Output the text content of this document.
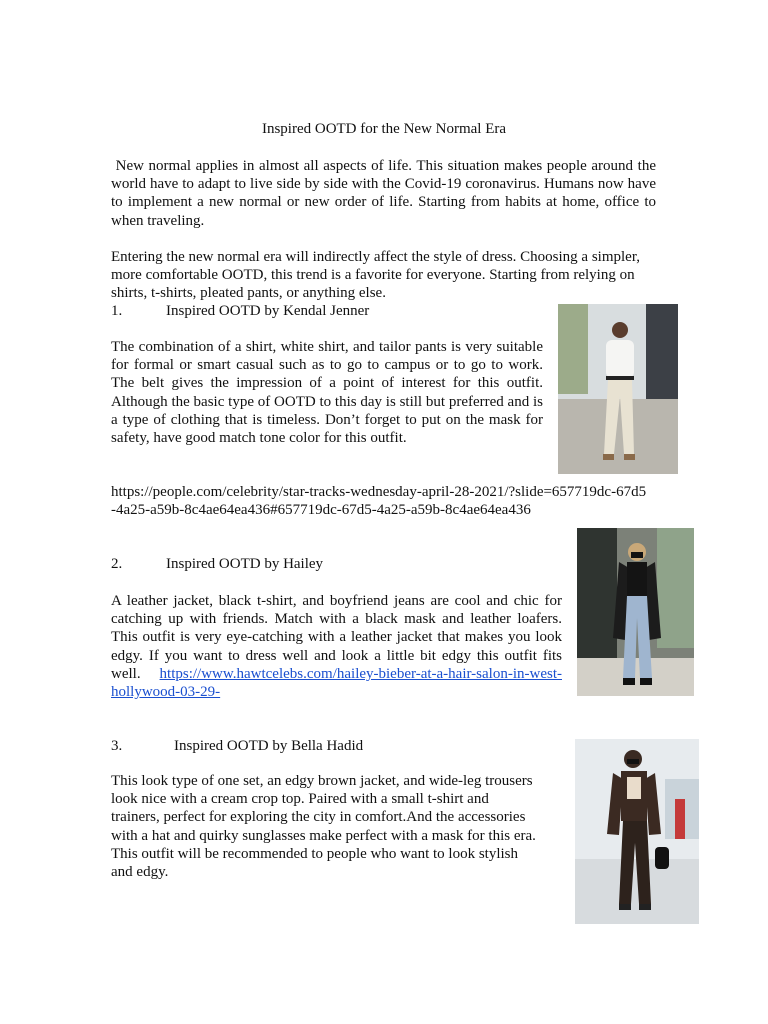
Inspired OOTD for the New Normal Era
New normal applies in almost all aspects of life. This situation makes people around the world have to adapt to live side by side with the Covid-19 coronavirus. Humans now have to implement a new normal or new order of life. Starting from habits at home, office to when traveling.
Entering the new normal era will indirectly affect the style of dress. Choosing a simpler, more comfortable OOTD, this trend is a favorite for everyone. Starting from relying on shirts, t-shirts, pleated pants, or anything else.
1.	Inspired OOTD by Kendal Jenner
The combination of a shirt, white shirt, and tailor pants is very suitable for formal or smart casual such as to go to campus or to go to work. The belt gives the impression of a point of interest for this outfit. Although the basic type of OOTD to this day is still but preferred and is a type of clothing that is timeless. Don’t forget to put on the mask for safety, have good match tone color for this outfit.
https://people.com/celebrity/star-tracks-wednesday-april-28-2021/?slide=657719dc-67d5-4a25-a59b-8c4ae64ea436#657719dc-67d5-4a25-a59b-8c4ae64ea436
2.	Inspired OOTD by Hailey
A leather jacket, black t-shirt, and boyfriend jeans are cool and chic for catching up with friends. Match with a black mask and leather loafers. This outfit is very eye-catching with a leather jacket that makes you look edgy. If you want to dress well and look a little bit edgy this outfit fits well. https://www.hawtcelebs.com/hailey-bieber-at-a-hair-salon-in-west-hollywood-03-29-
3.	Inspired OOTD by Bella Hadid
This look type of one set, an edgy brown jacket, and wide-leg trousers look nice with a cream crop top. Paired with a small t-shirt and trainers, perfect for exploring the city in comfort.And the accessories with a hat and quirky sunglasses make perfect with a mask for this era. This outfit will be recommended to people who want to look stylish and edgy.
